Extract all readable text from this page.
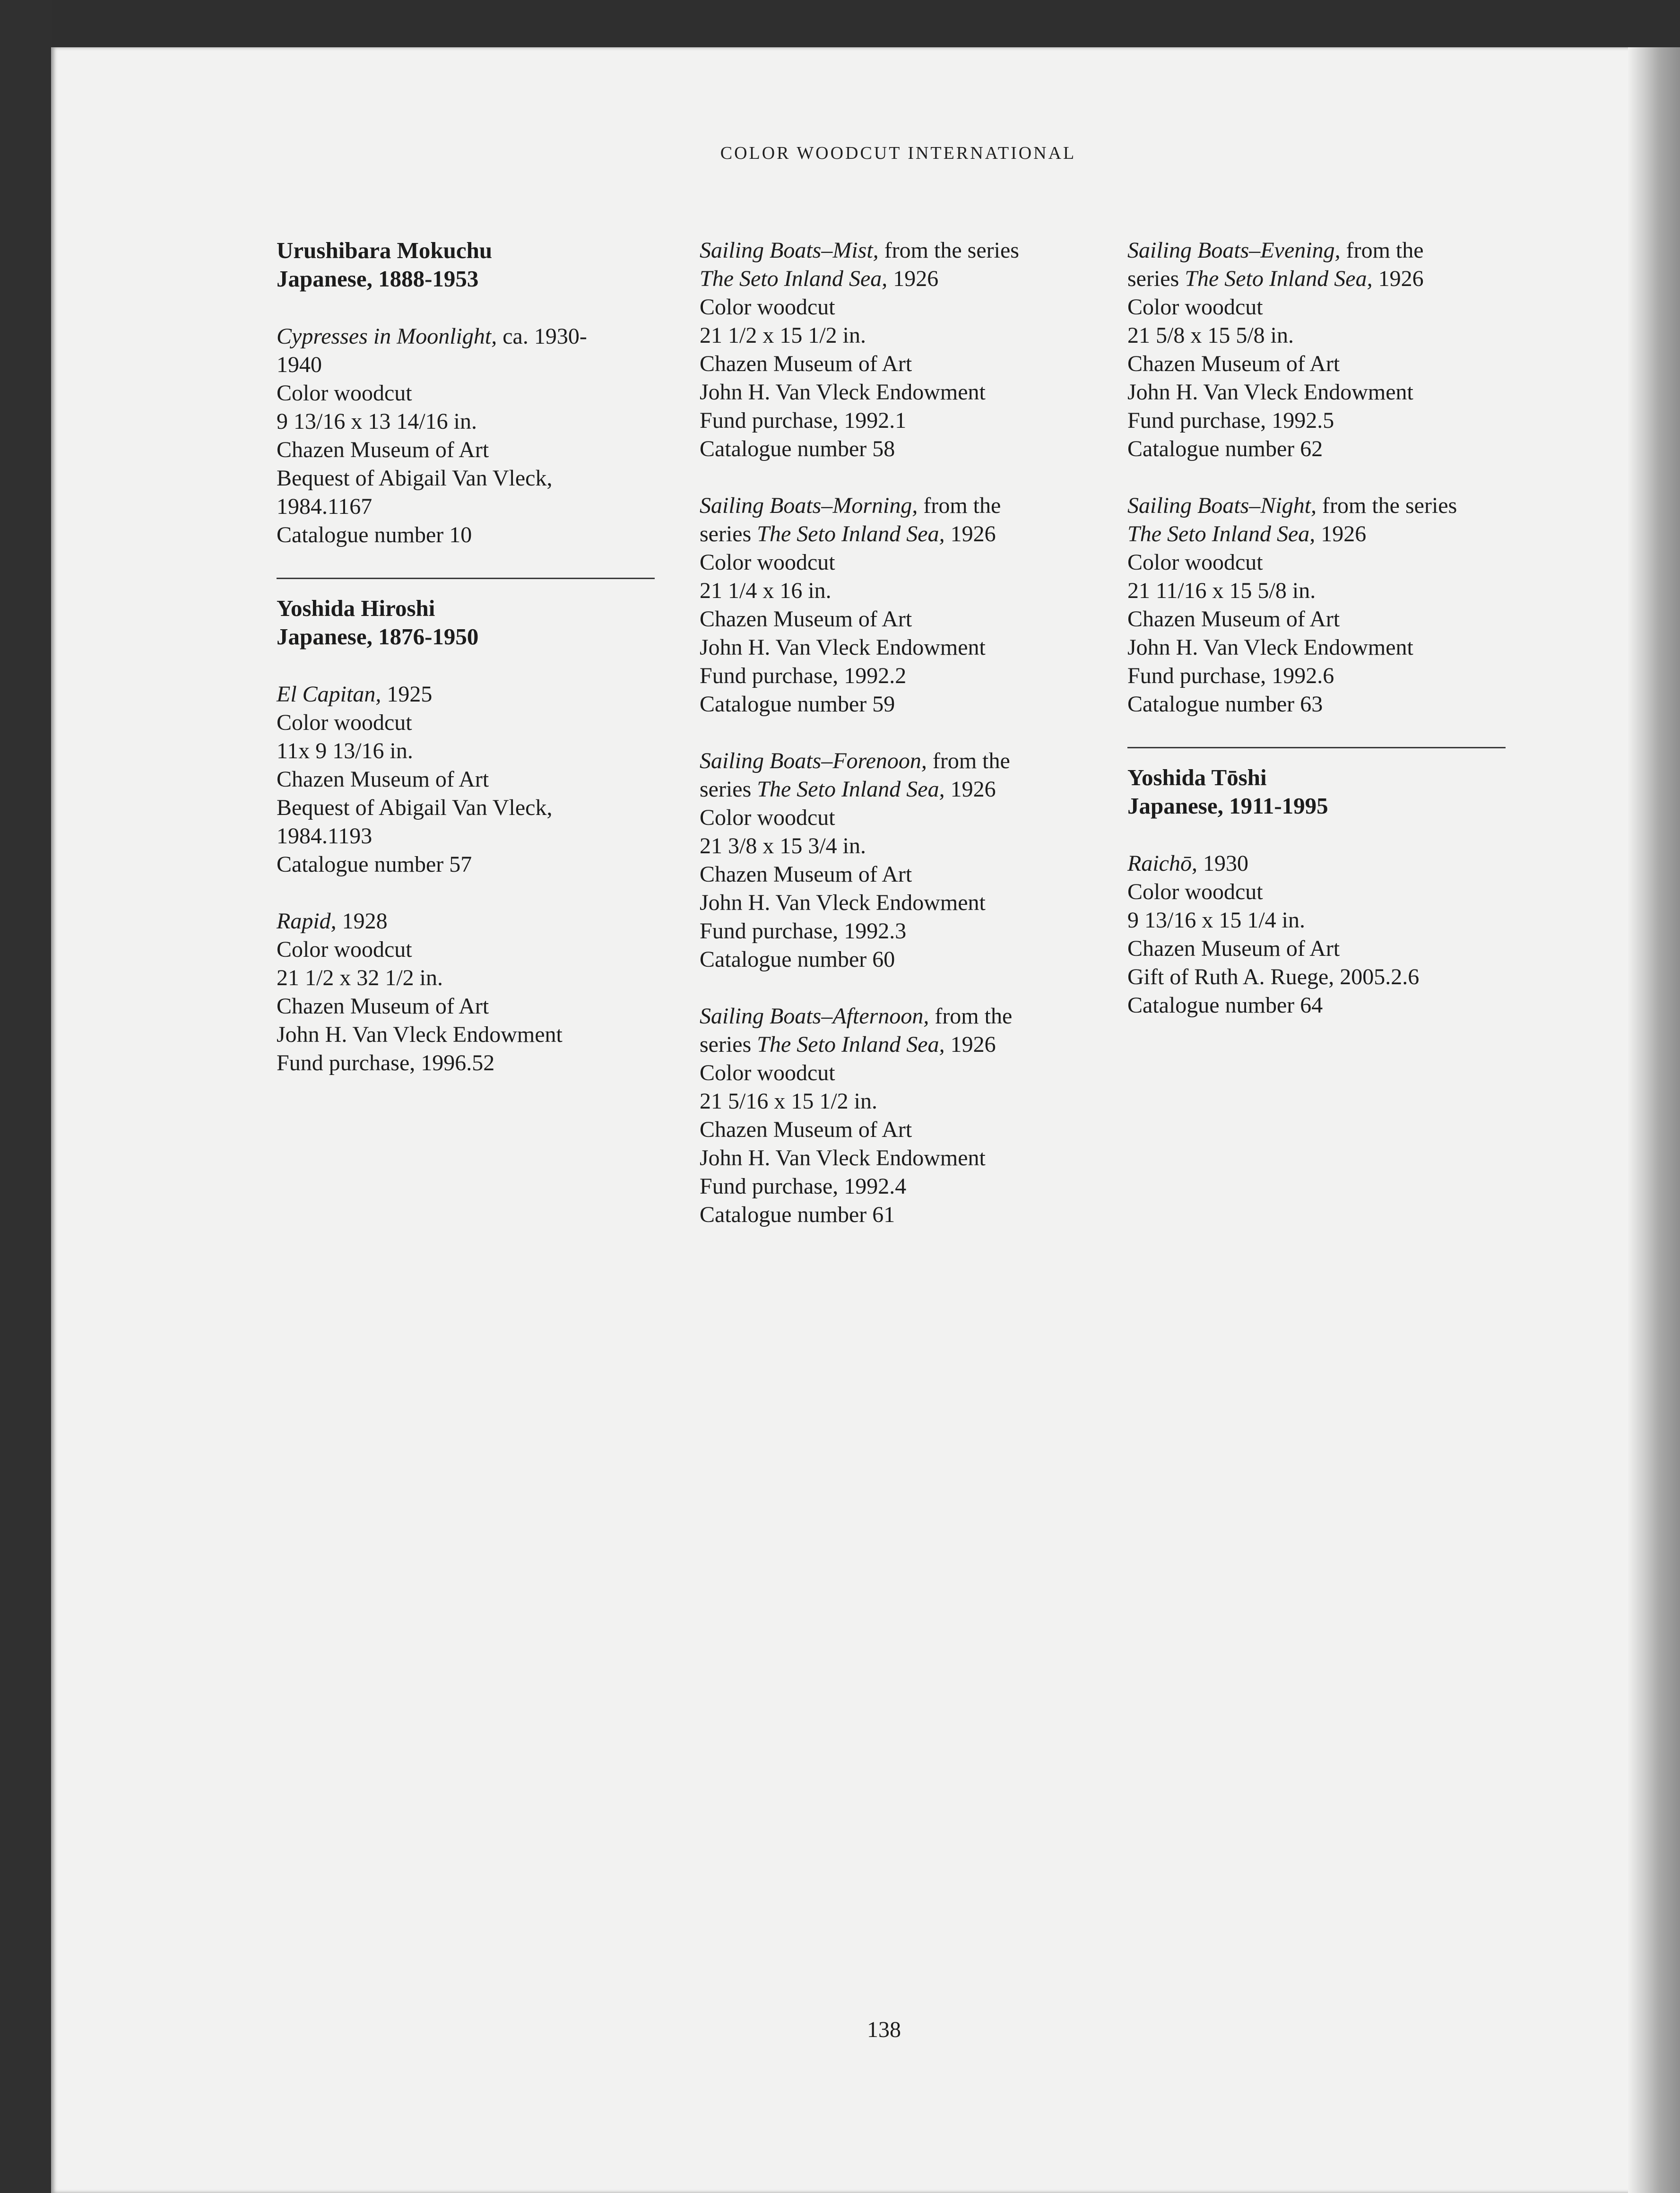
COLOR WOODCUT INTERNATIONAL
Urushibara Mokuchu
Japanese, 1888-1953
Cypresses in Moonlight, ca. 1930-
1940
Color woodcut
9 13/16 x 13 14/16 in.
Chazen Museum of Art
Bequest of Abigail Van Vleck,
1984.1167
Catalogue number 10
Yoshida Hiroshi
Japanese, 1876-1950
El Capitan, 1925
Color woodcut
11x 9 13/16 in.
Chazen Museum of Art
Bequest of Abigail Van Vleck,
1984.1193
Catalogue number 57
Rapid, 1928
Color woodcut
21 1/2 x 32 1/2 in.
Chazen Museum of Art
John H. Van Vleck Endowment
Fund purchase, 1996.52
Sailing Boats–Mist, from the series
The Seto Inland Sea, 1926
Color woodcut
21 1/2 x 15 1/2 in.
Chazen Museum of Art
John H. Van Vleck Endowment
Fund purchase, 1992.1
Catalogue number 58
Sailing Boats–Morning, from the
series The Seto Inland Sea, 1926
Color woodcut
21 1/4 x 16 in.
Chazen Museum of Art
John H. Van Vleck Endowment
Fund purchase, 1992.2
Catalogue number 59
Sailing Boats–Forenoon, from the
series The Seto Inland Sea, 1926
Color woodcut
21 3/8 x 15 3/4 in.
Chazen Museum of Art
John H. Van Vleck Endowment
Fund purchase, 1992.3
Catalogue number 60
Sailing Boats–Afternoon, from the
series The Seto Inland Sea, 1926
Color woodcut
21 5/16 x 15 1/2 in.
Chazen Museum of Art
John H. Van Vleck Endowment
Fund purchase, 1992.4
Catalogue number 61
Sailing Boats–Evening, from the
series The Seto Inland Sea, 1926
Color woodcut
21 5/8 x 15 5/8 in.
Chazen Museum of Art
John H. Van Vleck Endowment
Fund purchase, 1992.5
Catalogue number 62
Sailing Boats–Night, from the series
The Seto Inland Sea, 1926
Color woodcut
21 11/16 x 15 5/8 in.
Chazen Museum of Art
John H. Van Vleck Endowment
Fund purchase, 1992.6
Catalogue number 63
Yoshida Tōshi
Japanese, 1911-1995
Raichō, 1930
Color woodcut
9 13/16 x 15 1/4 in.
Chazen Museum of Art
Gift of Ruth A. Ruege, 2005.2.6
Catalogue number 64
138
